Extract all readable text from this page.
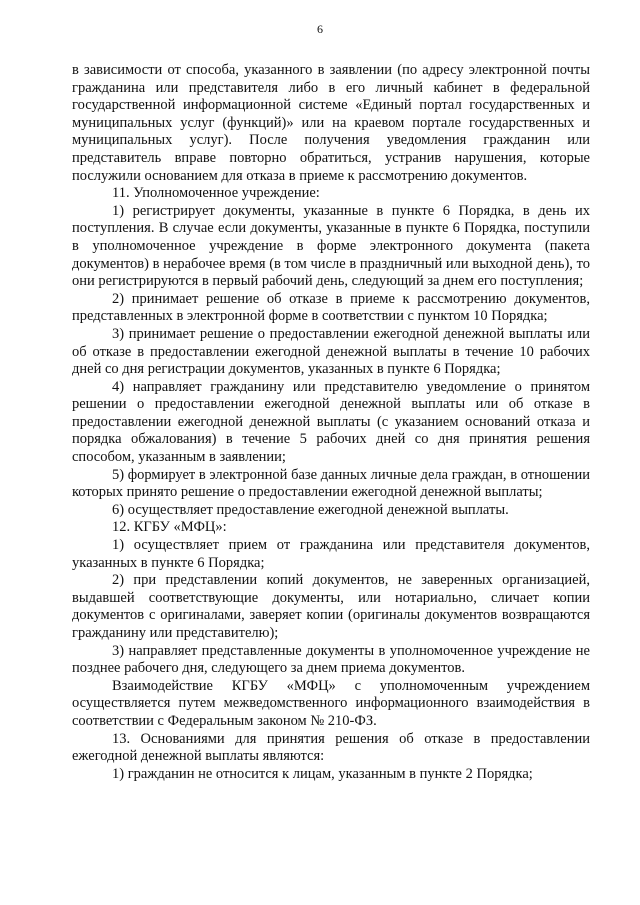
6

в зависимости от способа, указанного в заявлении (по адресу электронной почты гражданина или представителя либо в его личный кабинет в федеральной государственной информационной системе «Единый портал государственных и муниципальных услуг (функций)» или на краевом портале государственных и муниципальных услуг). После получения уведомления гражданин или представитель вправе повторно обратиться, устранив нарушения, которые послужили основанием для отказа в приеме к рассмотрению документов.

11. Уполномоченное учреждение:

1) регистрирует документы, указанные в пункте 6 Порядка, в день их поступления. В случае если документы, указанные в пункте 6 Порядка, поступили в уполномоченное учреждение в форме электронного документа (пакета документов) в нерабочее время (в том числе в праздничный или выходной день), то они регистрируются в первый рабочий день, следующий за днем его поступления;

2) принимает решение об отказе в приеме к рассмотрению документов, представленных в электронной форме в соответствии с пунктом 10 Порядка;

3) принимает решение о предоставлении ежегодной денежной выплаты или об отказе в предоставлении ежегодной денежной выплаты в течение 10 рабочих дней со дня регистрации документов, указанных в пункте 6 Порядка;

4) направляет гражданину или представителю уведомление о принятом решении о предоставлении ежегодной денежной выплаты или об отказе в предоставлении ежегодной денежной выплаты (с указанием оснований отказа и порядка обжалования) в течение 5 рабочих дней со дня принятия решения способом, указанным в заявлении;

5) формирует в электронной базе данных личные дела граждан, в отношении которых принято решение о предоставлении ежегодной денежной выплаты;

6) осуществляет предоставление ежегодной денежной выплаты.

12. КГБУ «МФЦ»:

1) осуществляет прием от гражданина или представителя документов, указанных в пункте 6 Порядка;

2) при представлении копий документов, не заверенных организацией, выдавшей соответствующие документы, или нотариально, сличает копии документов с оригиналами, заверяет копии (оригиналы документов возвращаются гражданину или представителю);

3) направляет представленные документы в уполномоченное учреждение не позднее рабочего дня, следующего за днем приема документов.

Взаимодействие КГБУ «МФЦ» с уполномоченным учреждением осуществляется путем межведомственного информационного взаимодействия в соответствии с Федеральным законом № 210-ФЗ.

13. Основаниями для принятия решения об отказе в предоставлении ежегодной денежной выплаты являются:

1) гражданин не относится к лицам, указанным в пункте 2 Порядка;
